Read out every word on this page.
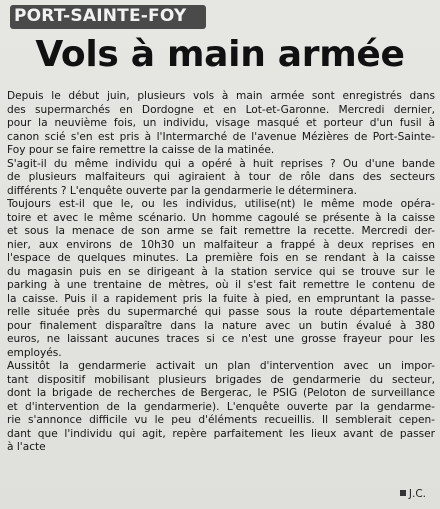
PORT-SAINTE-FOY
Vols à main armée
Depuis le début juin, plusieurs vols à main armée sont enregistrés dans
des supermarchés en Dordogne et en Lot-et-Garonne. Mercredi dernier,
pour la neuvième fois, un individu, visage masqué et porteur d'un fusil à
canon scié s'en est pris à l'Intermarché de l'avenue Mézières de Port-Sainte-
Foy pour se faire remettre la caisse de la matinée.
S'agit-il du même individu qui a opéré à huit reprises ? Ou d'une bande
de plusieurs malfaiteurs qui agiraient à tour de rôle dans des secteurs
différents ? L'enquête ouverte par la gendarmerie le déterminera.
Toujours est-il que le, ou les individus, utilise(nt) le même mode opéra-
toire et avec le même scénario. Un homme cagoulé se présente à la caisse
et sous la menace de son arme se fait remettre la recette. Mercredi der-
nier, aux environs de 10h30 un malfaiteur a frappé à deux reprises en
l'espace de quelques minutes. La première fois en se rendant à la caisse
du magasin puis en se dirigeant à la station service qui se trouve sur le
parking à une trentaine de mètres, où il s'est fait remettre le contenu de
la caisse. Puis il a rapidement pris la fuite à pied, en empruntant la passe-
relle située près du supermarché qui passe sous la route départementale
pour finalement disparaître dans la nature avec un butin évalué à 380
euros, ne laissant aucunes traces si ce n'est une grosse frayeur pour les
employés.
Aussitôt la gendarmerie activait un plan d'intervention avec un impor-
tant dispositif mobilisant plusieurs brigades de gendarmerie du secteur,
dont la brigade de recherches de Bergerac, le PSIG (Peloton de surveillance
et d'intervention de la gendarmerie). L'enquête ouverte par la gendarme-
rie s'annonce difficile vu le peu d'éléments recueillis. Il semblerait cepen-
dant que l'individu qui agit, repère parfaitement les lieux avant de passer
à l'acte
J.C.
